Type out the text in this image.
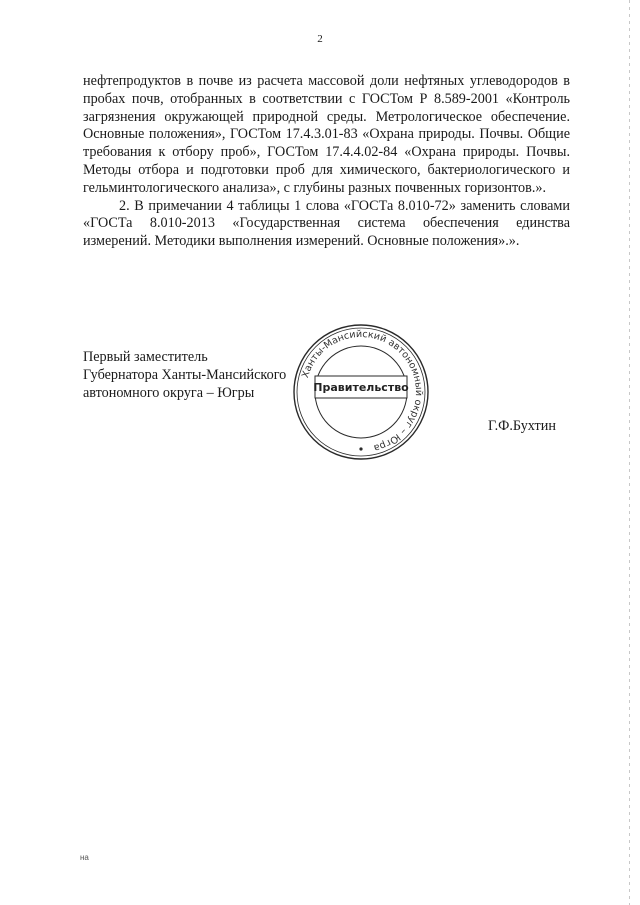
2

нефтепродуктов в почве из расчета массовой доли нефтяных углеводородов в пробах почв, отобранных в соответствии с ГОСТом Р 8.589-2001 «Контроль загрязнения окружающей природной среды. Метрологическое обеспечение. Основные положения», ГОСТом 17.4.3.01-83 «Охрана природы. Почвы. Общие требования к отбору проб», ГОСТом 17.4.4.02-84 «Охрана природы. Почвы. Методы отбора и подготовки проб для химического, бактериологического и гельминтологического анализа», с глубины разных почвенных горизонтов.».

2. В примечании 4 таблицы 1 слова «ГОСТа 8.010-72» заменить словами «ГОСТа 8.010-2013 «Государственная система обеспечения единства измерений. Методики выполнения измерений. Основные положения».».

Первый заместитель
Губернатора Ханты-Мансийского
автономного округа – Югры
Ханты-Мансийский автономный округ – Югра
Правительство
Г.Ф.Бухтин
на
